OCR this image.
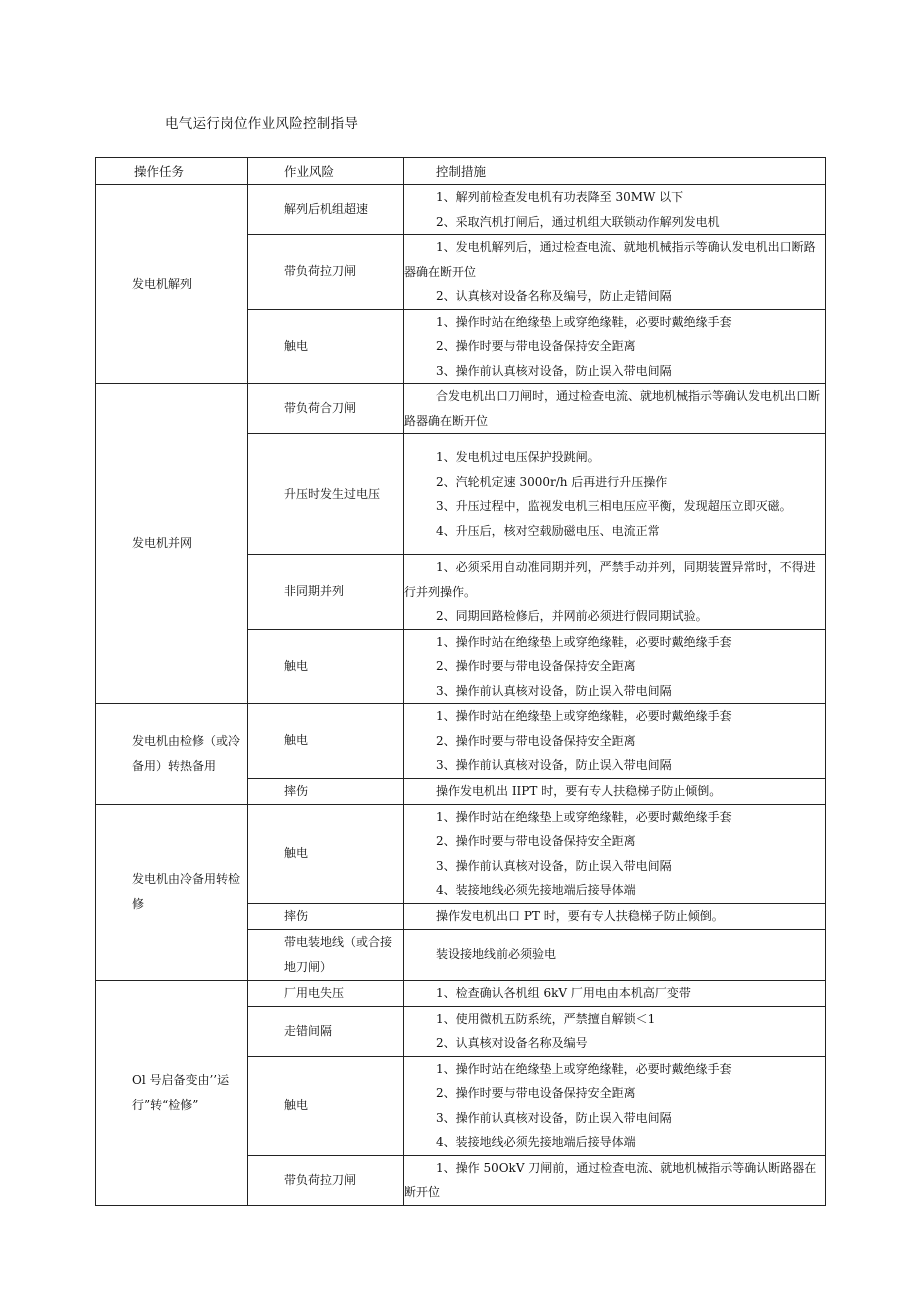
电气运行岗位作业风险控制指导
操作任务	作业风险	控制措施
发电机解列	解列后机组超速	1、解列前检查发电机有功表降至 30MW 以下
2、采取汽机打闸后，通过机组大联锁动作解列发电机

	带负荷拉刀闸	1、发电机解列后，通过检查电流、就地机械指示等确认发电机出口断路器确在断开位
2、认真核对设备名称及编号，防止走错间隔

	触电	1、操作时站在绝缘垫上或穿绝缘鞋，必要时戴绝缘手套
2、操作时要与带电设备保持安全距离
3、操作前认真核对设备，防止误入带电间隔

发电机并网	带负荷合刀闸	合发电机出口刀闸时，通过检查电流、就地机械指示等确认发电机出口断路器确在断开位

	升压时发生过电压	1、发电机过电压保护投跳闸。
2、汽轮机定速 3000r/h 后再进行升压操作
3、升压过程中，监视发电机三相电压应平衡，发现超压立即灭磁。
4、升压后，核对空载励磁电压、电流正常

	非同期并列	1、必须采用自动准同期并列，严禁手动并列，同期装置异常时，不得进行并列操作。
2、同期回路检修后，并网前必须进行假同期试验。

	触电	1、操作时站在绝缘垫上或穿绝缘鞋，必要时戴绝缘手套
2、操作时要与带电设备保持安全距离
3、操作前认真核对设备，防止误入带电间隔

发电机由检修（或冷备用）转热备用	触电	1、操作时站在绝缘垫上或穿绝缘鞋，必要时戴绝缘手套
2、操作时要与带电设备保持安全距离
3、操作前认真核对设备，防止误入带电间隔

	摔伤	操作发电机出 IIPT 时，要有专人扶稳梯子防止倾倒。

发电机由冷备用转检修	触电	1、操作时站在绝缘垫上或穿绝缘鞋，必要时戴绝缘手套
2、操作时要与带电设备保持安全距离
3、操作前认真核对设备，防止误入带电间隔
4、装接地线必须先接地端后接导体端

	摔伤	操作发电机出口 PT 时，要有专人扶稳梯子防止倾倒。

	带电装地线（或合接地刀闸）	装设接地线前必须验电

Ol 号启备变由’’运行”转“检修”	厂用电失压	1、检查确认各机组 6kV 厂用电由本机高厂变带

	走错间隔	1、使用微机五防系统，严禁擅自解锁＜1
2、认真核对设备名称及编号

	触电	1、操作时站在绝缘垫上或穿绝缘鞋，必要时戴绝缘手套
2、操作时要与带电设备保持安全距离
3、操作前认真核对设备，防止误入带电间隔
4、装接地线必须先接地端后接导体端

	带负荷拉刀闸	1、操作 50OkV 刀闸前，通过检查电流、就地机械指示等确认断路器在断开位
